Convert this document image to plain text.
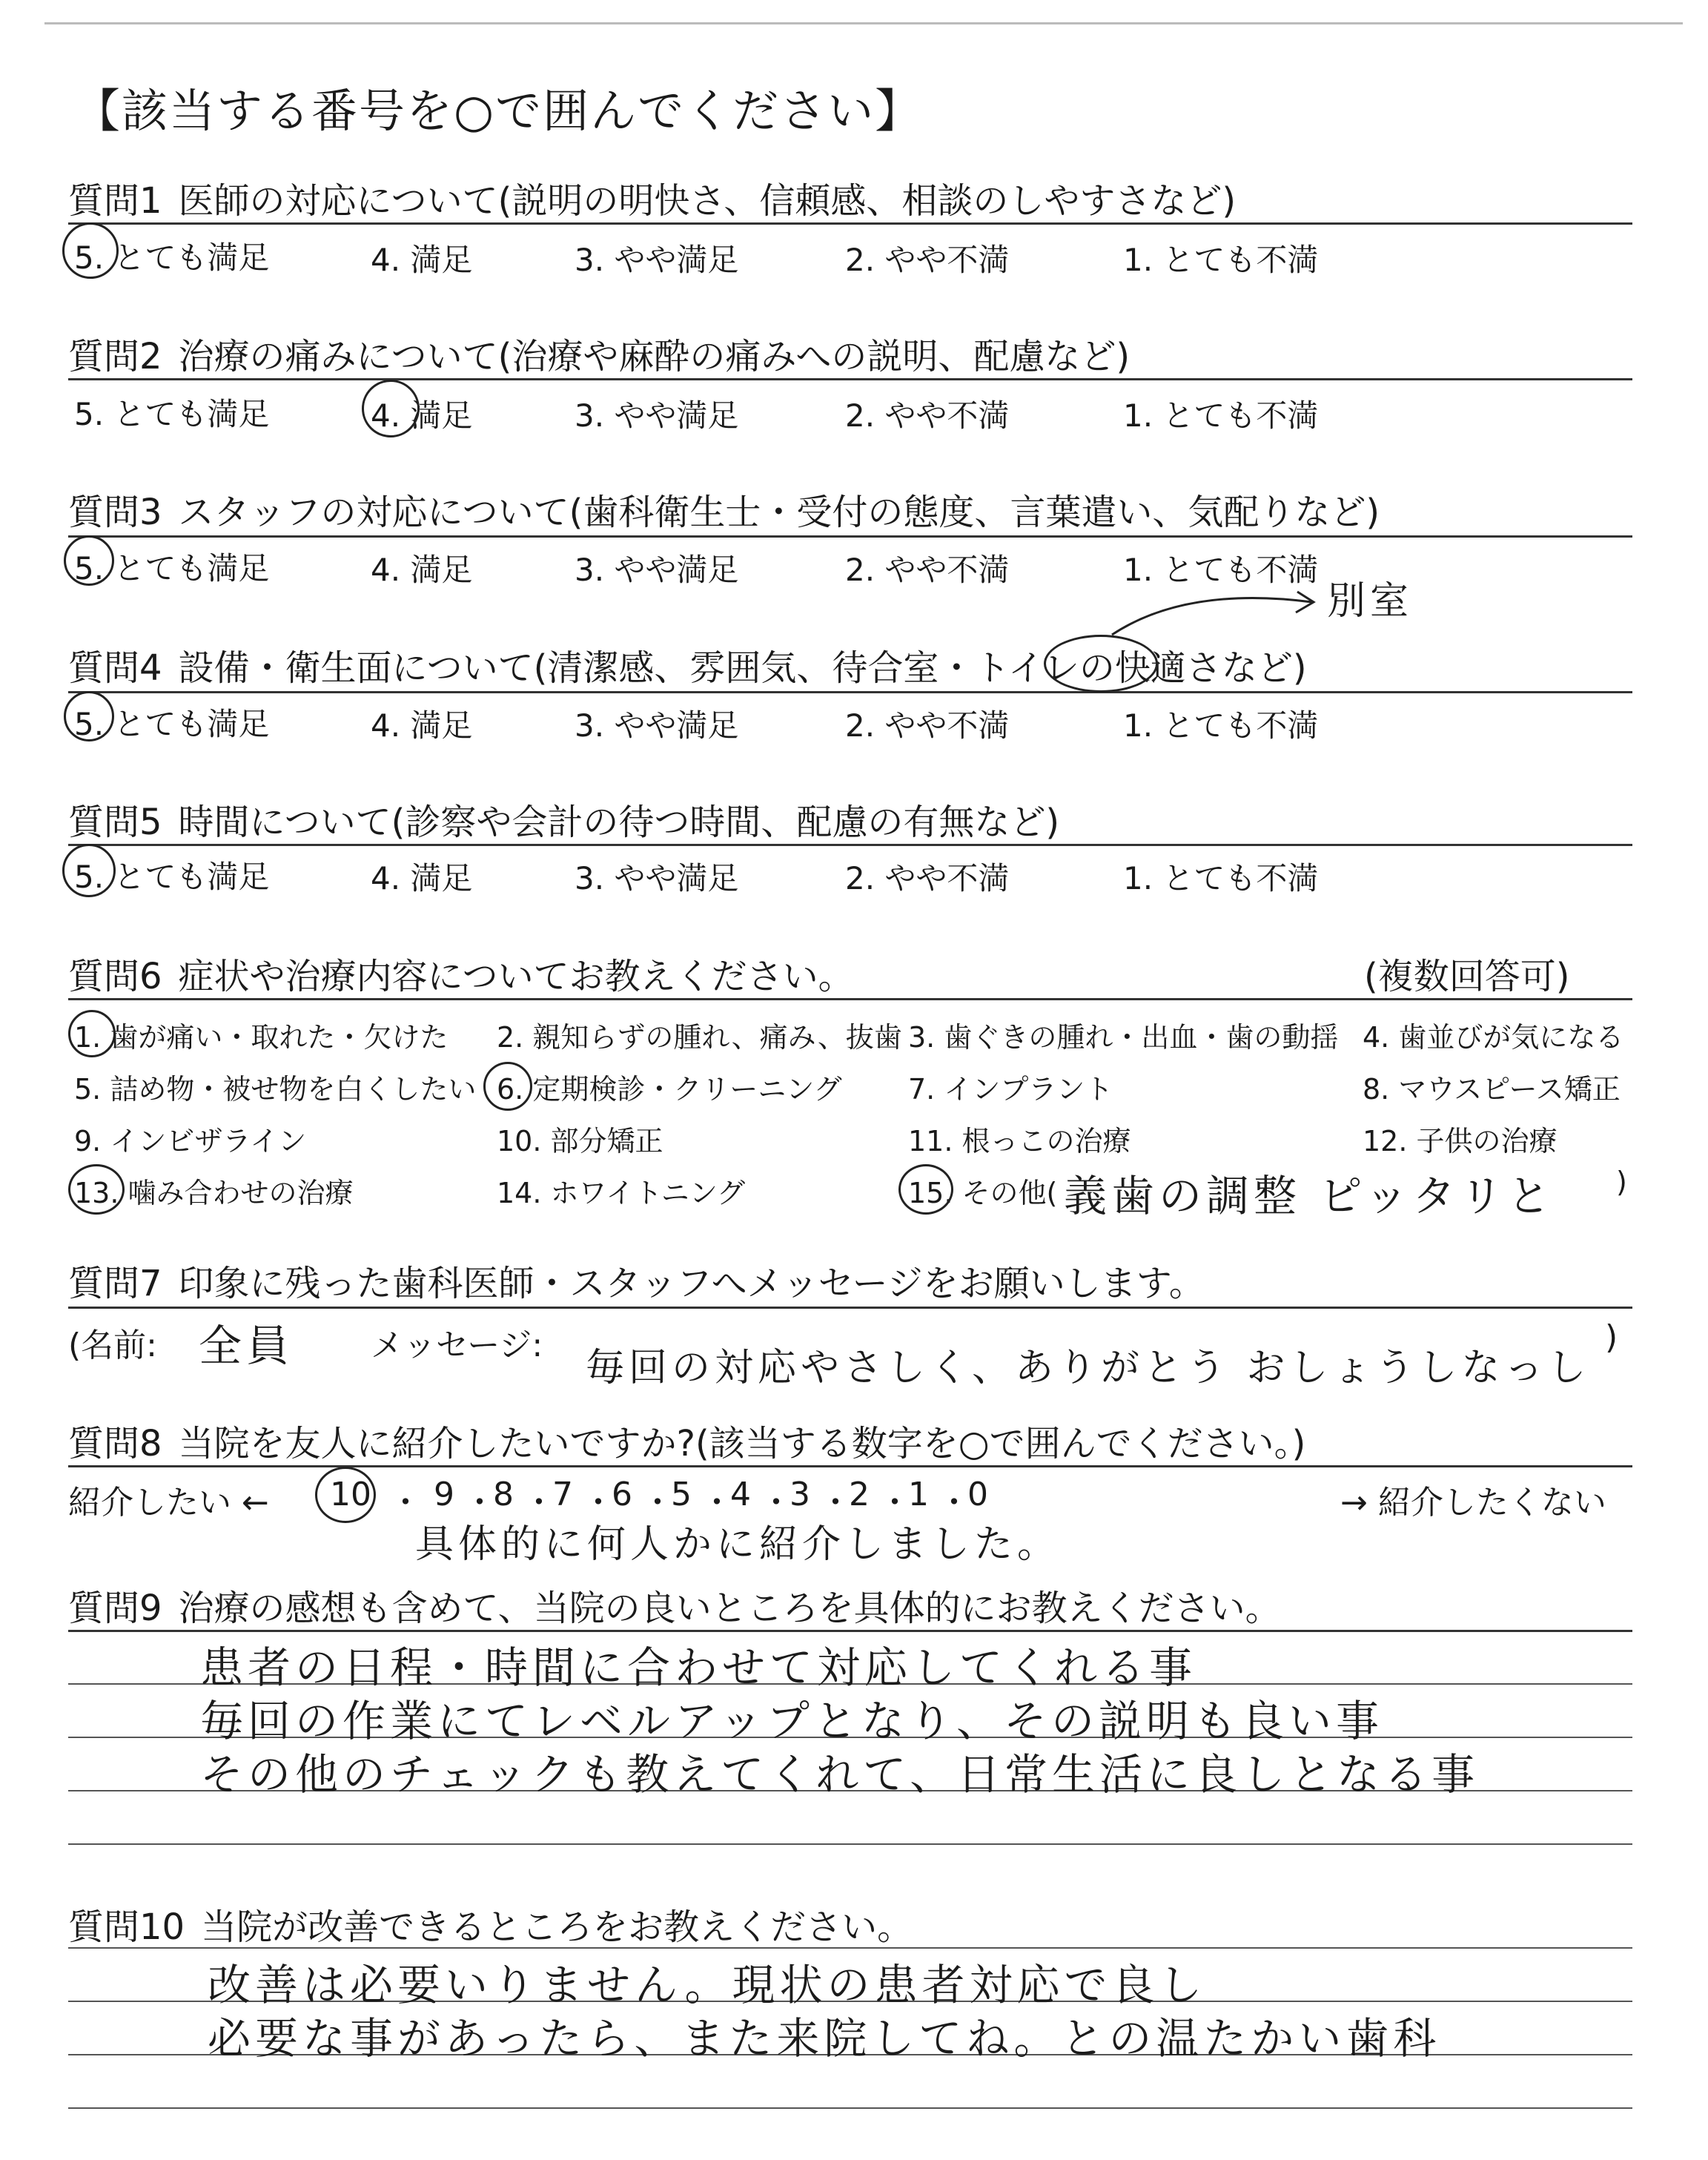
【該当する番号を○で囲んでください】
質問1 医師の対応について(説明の明快さ、信頼感、相談のしやすさなど)
5. とても満足	4. 満足	3. やや満足	2. やや不満	1. とても不満
質問2 治療の痛みについて(治療や麻酔の痛みへの説明、配慮など)
5. とても満足	4. 満足	3. やや満足	2. やや不満	1. とても不満
質問3 スタッフの対応について(歯科衛生士・受付の態度、言葉遣い、気配りなど)
5. とても満足	4. 満足	3. やや満足	2. やや不満	1. とても不満
質問4 設備・衛生面について(清潔感、雰囲気、待合室・トイレの快適さなど)
別室
5. とても満足	4. 満足	3. やや満足	2. やや不満	1. とても不満
質問5 時間について(診察や会計の待つ時間、配慮の有無など)
5. とても満足	4. 満足	3. やや満足	2. やや不満	1. とても不満
質問6 症状や治療内容についてお教えください。	(複数回答可)
1. 歯が痛い・取れた・欠けた 2. 親知らずの腫れ、痛み、抜歯 3. 歯ぐきの腫れ・出血・歯の動揺 4. 歯並びが気になる
5. 詰め物・被せ物を白くしたい 6. 定期検診・クリーニング 7. インプラント	8. マウスピース矯正
9. インビザライン	10. 部分矯正	11. 根っこの治療	12. 子供の治療
13. 噛み合わせの治療	14. ホワイトニング	15. その他( 義歯の調整 ピッタリと )
質問7 印象に残った歯科医師・スタッフへメッセージをお願いします。
(名前: 全員 メッセージ:
毎回の対応やさしく、ありがとう おしょうしなっし
)
質問8 当院を友人に紹介したいですか?(該当する数字を○で囲んでください。)
紹介したい ←	→ 紹介したくない
10 ・ 9 ・
8 ・
7 ・
6 ・
5 ・
4 ・
3 ・
2 ・
1 ・
0
具体的に何人かに紹介しました。
質問9 治療の感想も含めて、当院の良いところを具体的にお教えください。
患者の日程・時間に合わせて対応してくれる事
毎回の作業にてレベルアップとなり、その説明も良い事
その他のチェックも教えてくれて、日常生活に良しとなる事
質問10 当院が改善できるところをお教えください。
改善は必要いりません。現状の患者対応で良し
必要な事があったら、また来院してね。との温たかい歯科
